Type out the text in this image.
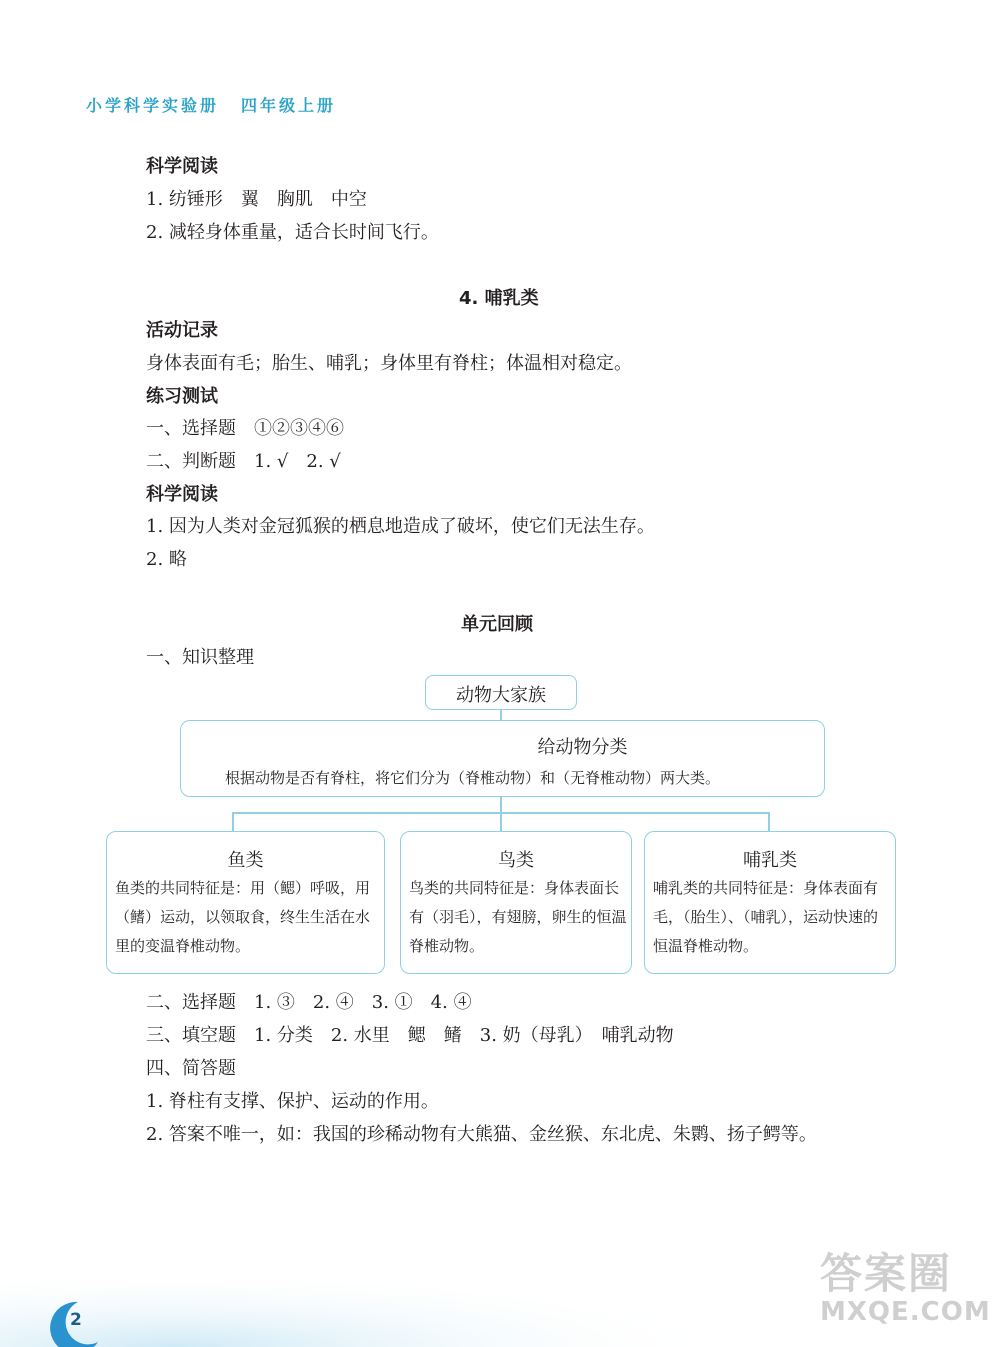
小学科学实验册 四年级上册
科学阅读
1. 纺锤形　翼　胸肌　中空
2. 减轻身体重量，适合长时间飞行。
4. 哺乳类
活动记录
身体表面有毛；胎生、哺乳；身体里有脊柱；体温相对稳定。
练习测试
一、选择题　①②③④⑥
二、判断题　1. √　2. √
科学阅读
1. 因为人类对金冠狐猴的栖息地造成了破坏，使它们无法生存。
2. 略
单元回顾
一、知识整理
动物大家族
给动物分类
根据动物是否有脊柱，将它们分为（脊椎动物）和（无脊椎动物）两大类。
鱼类
鱼类的共同特征是：用（鳃）呼吸，用（鳍）运动，以领取食，终生生活在水里的变温脊椎动物。
鸟类
鸟类的共同特征是：身体表面长有（羽毛），有翅膀，卵生的恒温脊椎动物。
哺乳类
哺乳类的共同特征是：身体表面有毛，（胎生）、（哺乳），运动快速的恒温脊椎动物。
二、选择题　1. ③　2. ④　3. ①　4. ④
三、填空题　1. 分类　2. 水里　鳃　鳍　3. 奶（母乳）　哺乳动物
四、简答题
1. 脊柱有支撑、保护、运动的作用。
2. 答案不唯一，如：我国的珍稀动物有大熊猫、金丝猴、东北虎、朱鹮、扬子鳄等。
2
答案圈
MXQE.COM
